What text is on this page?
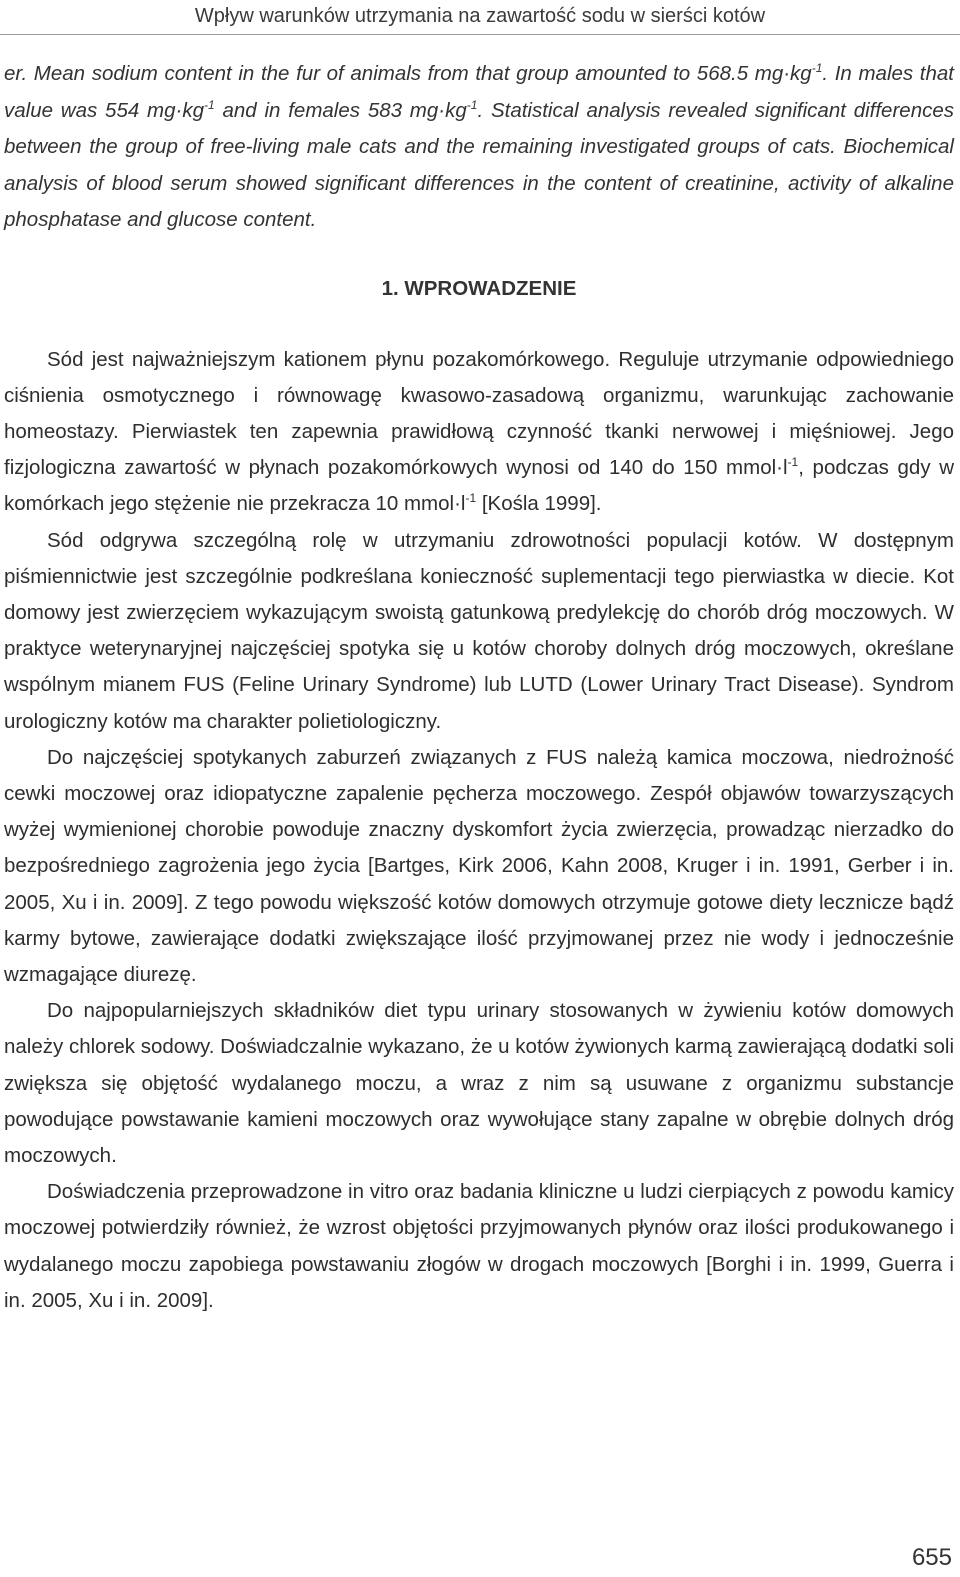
Wpływ warunków utrzymania na zawartość sodu w sierści kotów

er. Mean sodium content in the fur of animals from that group amounted to 568.5 $mg\cdot kg^{-1}$. In males that value was 554 $mg\cdot kg^{-1}$ and in females 583 $mg\cdot kg^{-1}$. Statistical analysis revealed significant differences between the group of free-living male cats and the remaining investigated groups of cats. Biochemical analysis of blood serum showed significant differences in the content of creatinine, activity of alkaline phosphatase and glucose content.

1. WPROWADZENIE

Sód jest najważniejszym kationem płynu pozakomórkowego. Reguluje utrzymanie odpowiedniego ciśnienia osmotycznego i równowagę kwasowo-zasadową organizmu, warunkując zachowanie homeostazy. Pierwiastek ten zapewnia prawidłową czynność tkanki nerwowej i mięśniowej. Jego fizjologiczna zawartość w płynach pozakomórkowych wynosi od 140 do 150 $mmol\cdot l^{-1}$, podczas gdy w komórkach jego stężenie nie przekracza 10 $mmol\cdot l^{-1}$ [Kośla 1999].

Sód odgrywa szczególną rolę w utrzymaniu zdrowotności populacji kotów. W dostępnym piśmiennictwie jest szczególnie podkreślana konieczność suplementacji tego pierwiastka w diecie. Kot domowy jest zwierzęciem wykazującym swoistą gatunkową predylekcję do chorób dróg moczowych. W praktyce weterynaryjnej najczęściej spotyka się u kotów choroby dolnych dróg moczowych, określane wspólnym mianem FUS (Feline Urinary Syndrome) lub LUTD (Lower Urinary Tract Disease). Syndrom urologiczny kotów ma charakter polietiologiczny.

Do najczęściej spotykanych zaburzeń związanych z FUS należą kamica moczowa, niedrożność cewki moczowej oraz idiopatyczne zapalenie pęcherza moczowego. Zespół objawów towarzyszących wyżej wymienionej chorobie powoduje znaczny dyskomfort życia zwierzęcia, prowadząc nierzadko do bezpośredniego zagrożenia jego życia [Bartges, Kirk 2006, Kahn 2008, Kruger i in. 1991, Gerber i in. 2005, Xu i in. 2009]. Z tego powodu większość kotów domowych otrzymuje gotowe diety lecznicze bądź karmy bytowe, zawierające dodatki zwiększające ilość przyjmowanej przez nie wody i jednocześnie wzmagające diurezę.

Do najpopularniejszych składników diet typu urinary stosowanych w żywieniu kotów domowych należy chlorek sodowy. Doświadczalnie wykazano, że u kotów żywionych karmą zawierającą dodatki soli zwiększa się objętość wydalanego moczu, a wraz z nim są usuwane z organizmu substancje powodujące powstawanie kamieni moczowych oraz wywołujące stany zapalne w obrębie dolnych dróg moczowych.

Doświadczenia przeprowadzone in vitro oraz badania kliniczne u ludzi cierpiących z powodu kamicy moczowej potwierdziły również, że wzrost objętości przyjmowanych płynów oraz ilości produkowanego i wydalanego moczu zapobiega powstawaniu złogów w drogach moczowych [Borghi i in. 1999, Guerra i in. 2005, Xu i in. 2009].

655
